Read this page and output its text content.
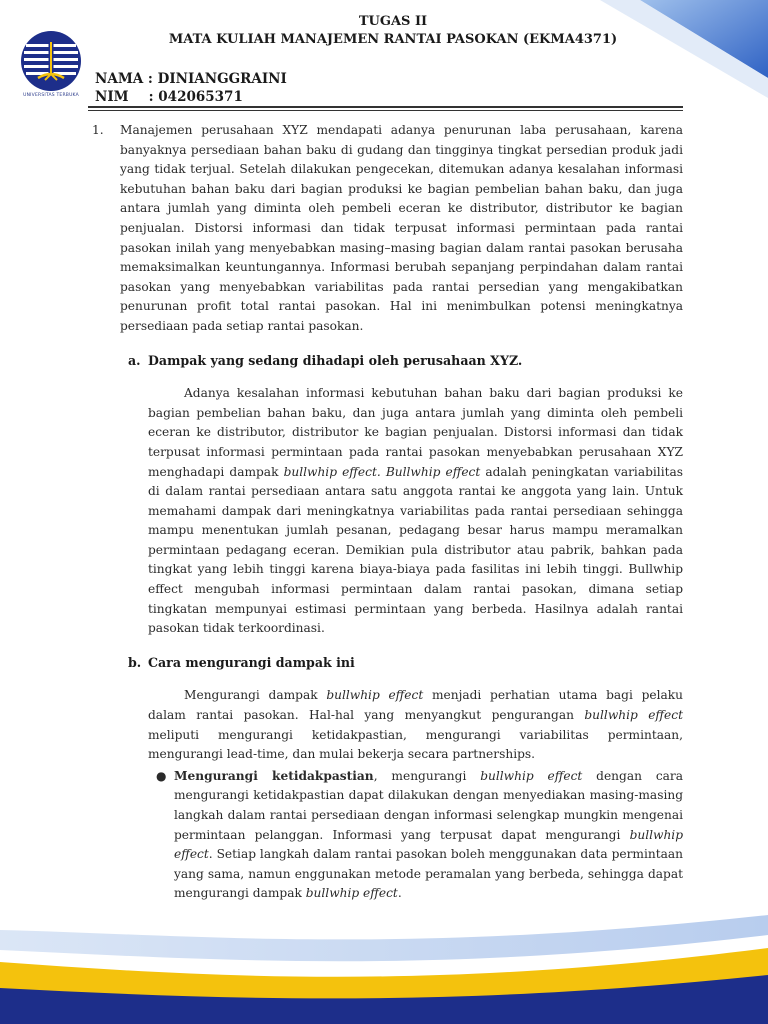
UNIVERSITAS TERBUKA
TUGAS II
MATA KULIAH MANAJEMEN RANTAI PASOKAN (EKMA4371)
NAMA : DINIANGGRAINI
NIM : 042065371
1. Manajemen perusahaan XYZ mendapati adanya penurunan laba perusahaan, karena banyaknya persediaan bahan baku di gudang dan tingginya tingkat persedian produk jadi yang tidak terjual. Setelah dilakukan pengecekan, ditemukan adanya kesalahan informasi kebutuhan bahan baku dari bagian produksi ke bagian pembelian bahan baku, dan juga antara jumlah yang diminta oleh pembeli eceran ke distributor, distributor ke bagian penjualan. Distorsi informasi dan tidak terpusat informasi permintaan pada rantai pasokan inilah yang menyebabkan masing–masing bagian dalam rantai pasokan berusaha memaksimalkan keuntungannya. Informasi berubah sepanjang perpindahan dalam rantai pasokan yang menyebabkan variabilitas pada rantai persedian yang mengakibatkan penurunan profit total rantai pasokan. Hal ini menimbulkan potensi meningkatnya persediaan pada setiap rantai pasokan.
a. Dampak yang sedang dihadapi oleh perusahaan XYZ.
Adanya kesalahan informasi kebutuhan bahan baku dari bagian produksi ke bagian pembelian bahan baku, dan juga antara jumlah yang diminta oleh pembeli eceran ke distributor, distributor ke bagian penjualan. Distorsi informasi dan tidak terpusat informasi permintaan pada rantai pasokan menyebabkan perusahaan XYZ menghadapi dampak bullwhip effect. Bullwhip effect adalah peningkatan variabilitas di dalam rantai persediaan antara satu anggota rantai ke anggota yang lain. Untuk memahami dampak dari meningkatnya variabilitas pada rantai persediaan sehingga mampu menentukan jumlah pesanan, pedagang besar harus mampu meramalkan permintaan pedagang eceran. Demikian pula distributor atau pabrik, bahkan pada tingkat yang lebih tinggi karena biaya-biaya pada fasilitas ini lebih tinggi. Bullwhip effect mengubah informasi permintaan dalam rantai pasokan, dimana setiap tingkatan mempunyai estimasi permintaan yang berbeda. Hasilnya adalah rantai pasokan tidak terkoordinasi.
b. Cara mengurangi dampak ini
Mengurangi dampak bullwhip effect menjadi perhatian utama bagi pelaku dalam rantai pasokan. Hal-hal yang menyangkut pengurangan bullwhip effect meliputi mengurangi ketidakpastian, mengurangi variabilitas permintaan, mengurangi lead-time, dan mulai bekerja secara partnerships.
● Mengurangi ketidakpastian, mengurangi bullwhip effect dengan cara mengurangi ketidakpastian dapat dilakukan dengan menyediakan masing-masing langkah dalam rantai persediaan dengan informasi selengkap mungkin mengenai permintaan pelanggan. Informasi yang terpusat dapat mengurangi bullwhip effect. Setiap langkah dalam rantai pasokan boleh menggunakan data permintaan yang sama, namun enggunakan metode peramalan yang berbeda, sehingga dapat mengurangi dampak bullwhip effect.
